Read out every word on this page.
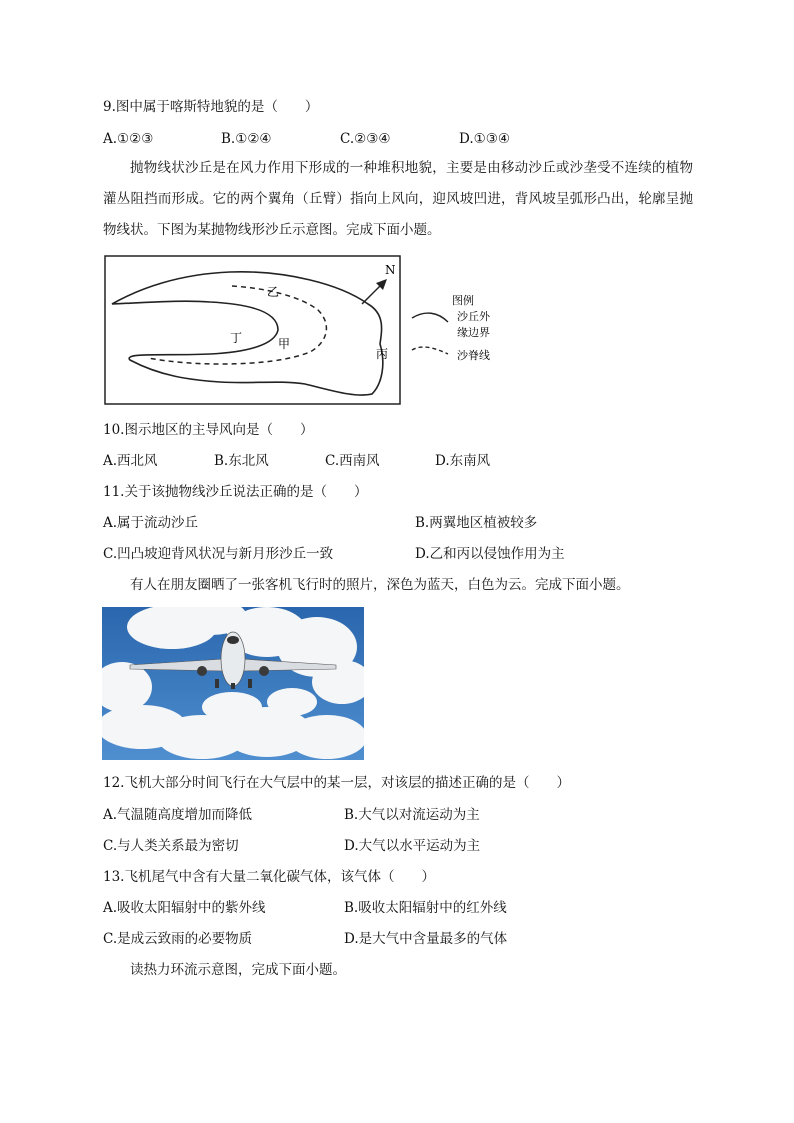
9.图中属于喀斯特地貌的是（　　）
A.①②③	B.①②④	C.②③④	D.①③④
抛物线状沙丘是在风力作用下形成的一种堆积地貌，主要是由移动沙丘或沙垄受不连续的植物灌丛阻挡而形成。它的两个翼角（丘臂）指向上风向，迎风坡凹进，背风坡呈弧形凸出，轮廓呈抛物线状。下图为某抛物线形沙丘示意图。完成下面小题。
N
乙
丁	甲
丙
图例
沙丘外
缘边界
沙脊线
10.图示地区的主导风向是（　　）
A.西北风	B.东北风	C.西南风	D.东南风
11.关于该抛物线沙丘说法正确的是（　　）
A.属于流动沙丘	B.两翼地区植被较多
C.凹凸坡迎背风状况与新月形沙丘一致	D.乙和丙以侵蚀作用为主
有人在朋友圈晒了一张客机飞行时的照片，深色为蓝天，白色为云。完成下面小题。
12.飞机大部分时间飞行在大气层中的某一层，对该层的描述正确的是（　　）
A.气温随高度增加而降低	B.大气以对流运动为主
C.与人类关系最为密切	D.大气以水平运动为主
13.飞机尾气中含有大量二氧化碳气体，该气体（　　）
A.吸收太阳辐射中的紫外线	B.吸收太阳辐射中的红外线
C.是成云致雨的必要物质	D.是大气中含量最多的气体
读热力环流示意图，完成下面小题。
